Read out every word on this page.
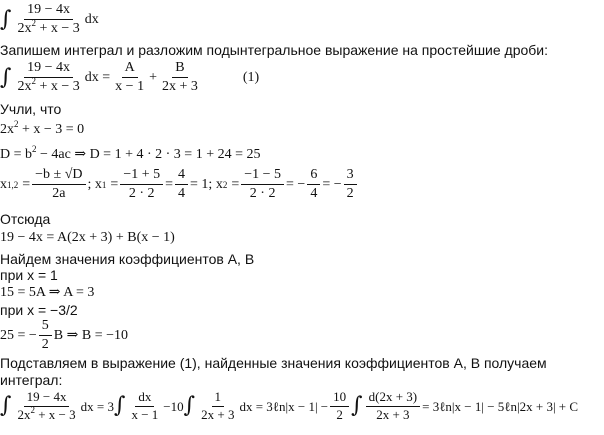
∫ $\frac{19 - 4x}{2x^2 + x - 3}$ dx
Запишем интеграл и разложим подынтегральное выражение на простейшие дроби:
∫ $\frac{19 - 4x}{2x^2 + x - 3}$ dx = $\frac{A}{x - 1} + \frac{B}{2x + 3}$	(1)
Учли, что
$2x^2 + x - 3 = 0$
$D = b^2 - 4ac$ ⇒ D = 1 + 4 · 2 · 3 = 1 + 24 = 25
x $1,2 = \frac{-b \pm √D}{2a}$ ; x $1 = \frac{-1 + 5}{2 \cdot 2} = \frac{4}{4} = 1$; x $2 = \frac{-1 - 5}{2 \cdot 2}$ = − $\frac{6}{4}$ = − $\frac{3}{2}$
Отсюда
19 − 4x = A(2x + 3) + B(x − 1)
Найдем значения коэффициентов A, B
при x = 1
15 = 5A ⇒ A = 3
при x = −3/2
25 = − $\frac{5}{2}$ B ⇒ B = −10
Подставляем в выражение (1), найденные значения коэффициентов A, B получаем
интеграл:
∫ $\frac{19 - 4x}{2x^2 + x - 3}$ dx = 3 ∫ $\frac{dx}{x - 1} -10$ ∫ $\frac{1}{2x + 3}$ dx = 3ℓn|x − $1| - \frac{10}{2}$ ∫ $\frac{d(2x + 3)}{2x + 3}$ = 3ℓn|x − 1| − 5ℓn|2x + 3| + C
